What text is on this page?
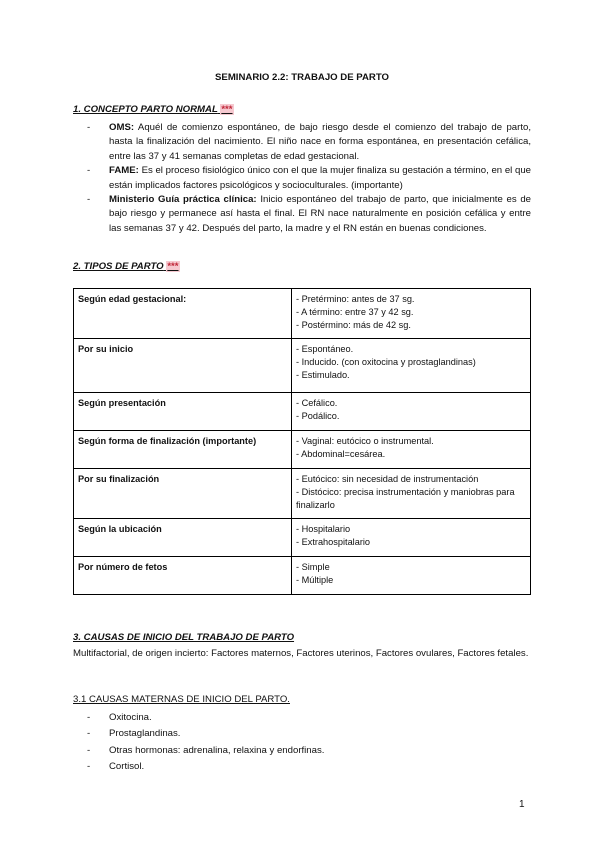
SEMINARIO 2.2: TRABAJO DE PARTO
1. CONCEPTO PARTO NORMAL ***
- OMS: Aquél de comienzo espontáneo, de bajo riesgo desde el comienzo del trabajo de parto, hasta la finalización del nacimiento. El niño nace en forma espontánea, en presentación cefálica, entre las 37 y 41 semanas completas de edad gestacional.
- FAME: Es el proceso fisiológico único con el que la mujer finaliza su gestación a término, en el que están implicados factores psicológicos y socioculturales. (importante)
- Ministerio Guía práctica clínica: Inicio espontáneo del trabajo de parto, que inicialmente es de bajo riesgo y permanece así hasta el final. El RN nace naturalmente en posición cefálica y entre las semanas 37 y 42. Después del parto, la madre y el RN están en buenas condiciones.
2. TIPOS DE PARTO ***
Según edad gestacional:	- Pretérmino: antes de 37 sg.
- A término: entre 37 y 42 sg.
- Postérmino: más de 42 sg.

Por su inicio	- Espontáneo.
- Inducido. (con oxitocina y prostaglandinas)
- Estimulado.

Según presentación	- Cefálico.
- Podálico.

Según forma de finalización (importante)	- Vaginal: eutócico o instrumental.
- Abdominal=cesárea.

Por su finalización	- Eutócico: sin necesidad de instrumentación
- Distócico: precisa instrumentación y maniobras para finalizarlo

Según la ubicación	- Hospitalario
- Extrahospitalario

Por número de fetos	- Simple
- Múltiple
3. CAUSAS DE INICIO DEL TRABAJO DE PARTO
Multifactorial, de origen incierto: Factores maternos, Factores uterinos, Factores ovulares, Factores fetales.
3.1 CAUSAS MATERNAS DE INICIO DEL PARTO.
- Oxitocina.
- Prostaglandinas.
- Otras hormonas: adrenalina, relaxina y endorfinas.
- Cortisol.
1
